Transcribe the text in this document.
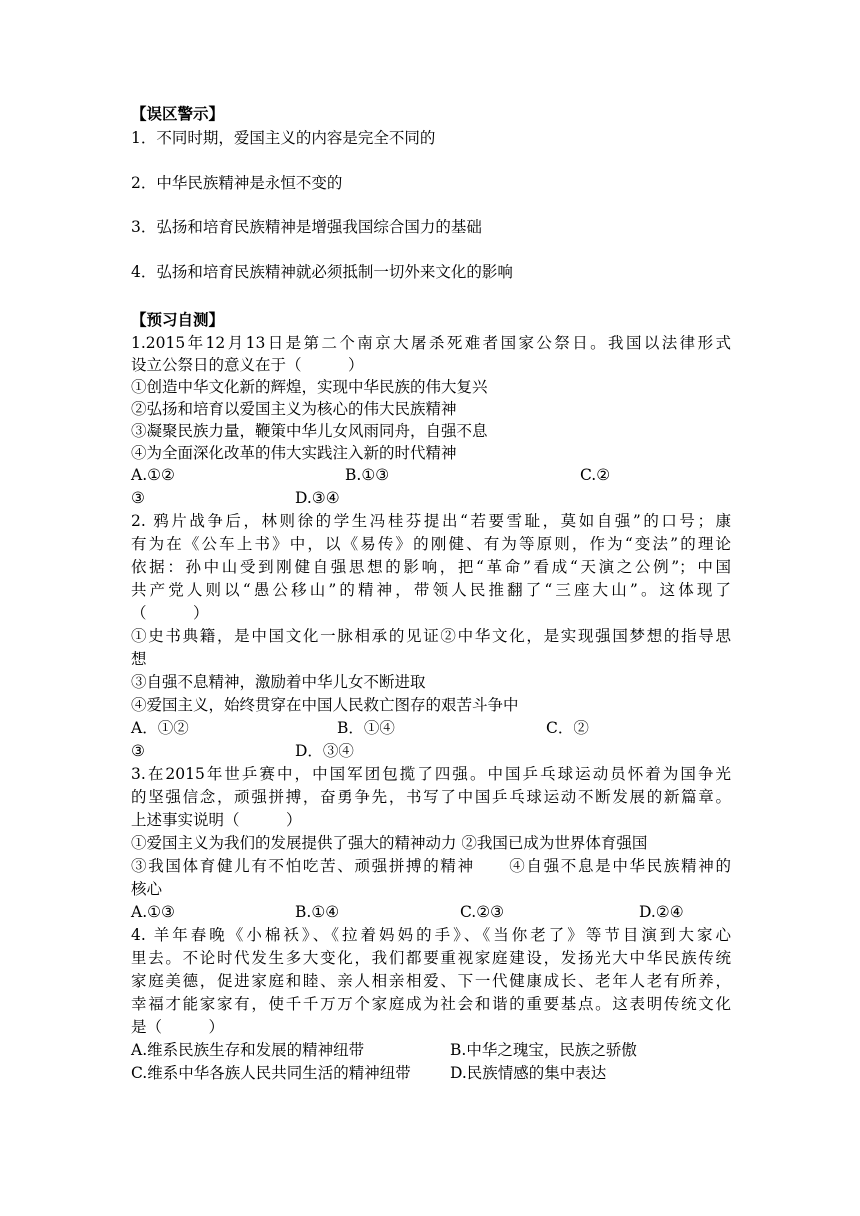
【误区警示】
1．不同时期，爱国主义的内容是完全不同的
2．中华民族精神是永恒不变的
3．弘扬和培育民族精神是增强我国综合国力的基础
4．弘扬和培育民族精神就必须抵制一切外来文化的影响
【预习自测】
1.2015年12月13日是第二个南京大屠杀死难者国家公祭日。我国以法律形式
设立公祭日的意义在于（　　　）
①创造中华文化新的辉煌，实现中华民族的伟大复兴
②弘扬和培育以爱国主义为核心的伟大民族精神
③凝聚民族力量，鞭策中华儿女风雨同舟，自强不息
④为全面深化改革的伟大实践注入新的时代精神
A.①②	B.①③	C.②
③	D.③④
2. 鸦片战争后，林则徐的学生冯桂芬提出“若要雪耻，莫如自强”的口号；康
有为在《公车上书》中，以《易传》的刚健、有为等原则，作为“变法”的理论
依据：孙中山受到刚健自强思想的影响，把“革命”看成“天演之公例”；中国
共产党人则以“愚公移山”的精神，带领人民推翻了“三座大山”。这体现了
（　　　）
①史书典籍，是中国文化一脉相承的见证②中华文化，是实现强国梦想的指导思
想
③自强不息精神，激励着中华儿女不断进取
④爱国主义，始终贯穿在中国人民救亡图存的艰苦斗争中
A．①②	B．①④	C．②
③	D．③④
3.在2015年世乒赛中，中国军团包揽了四强。中国乒乓球运动员怀着为国争光
的坚强信念，顽强拼搏，奋勇争先，书写了中国乒乓球运动不断发展的新篇章。
上述事实说明（　　　）
①爱国主义为我们的发展提供了强大的精神动力 ②我国已成为世界体育强国
③我国体育健儿有不怕吃苦、顽强拼搏的精神　　④自强不息是中华民族精神的
核心
A.①③	B.①④	C.②③	D.②④
4. 羊年春晚《小棉袄》、《拉着妈妈的手》、《当你老了》等节目演到大家心
里去。不论时代发生多大变化，我们都要重视家庭建设，发扬光大中华民族传统
家庭美德，促进家庭和睦、亲人相亲相爱、下一代健康成长、老年人老有所养，
幸福才能家家有，使千千万万个家庭成为社会和谐的重要基点。这表明传统文化
是（　　　）
A.维系民族生存和发展的精神纽带	B.中华之瑰宝，民族之骄傲
C.维系中华各族人民共同生活的精神纽带	D.民族情感的集中表达
